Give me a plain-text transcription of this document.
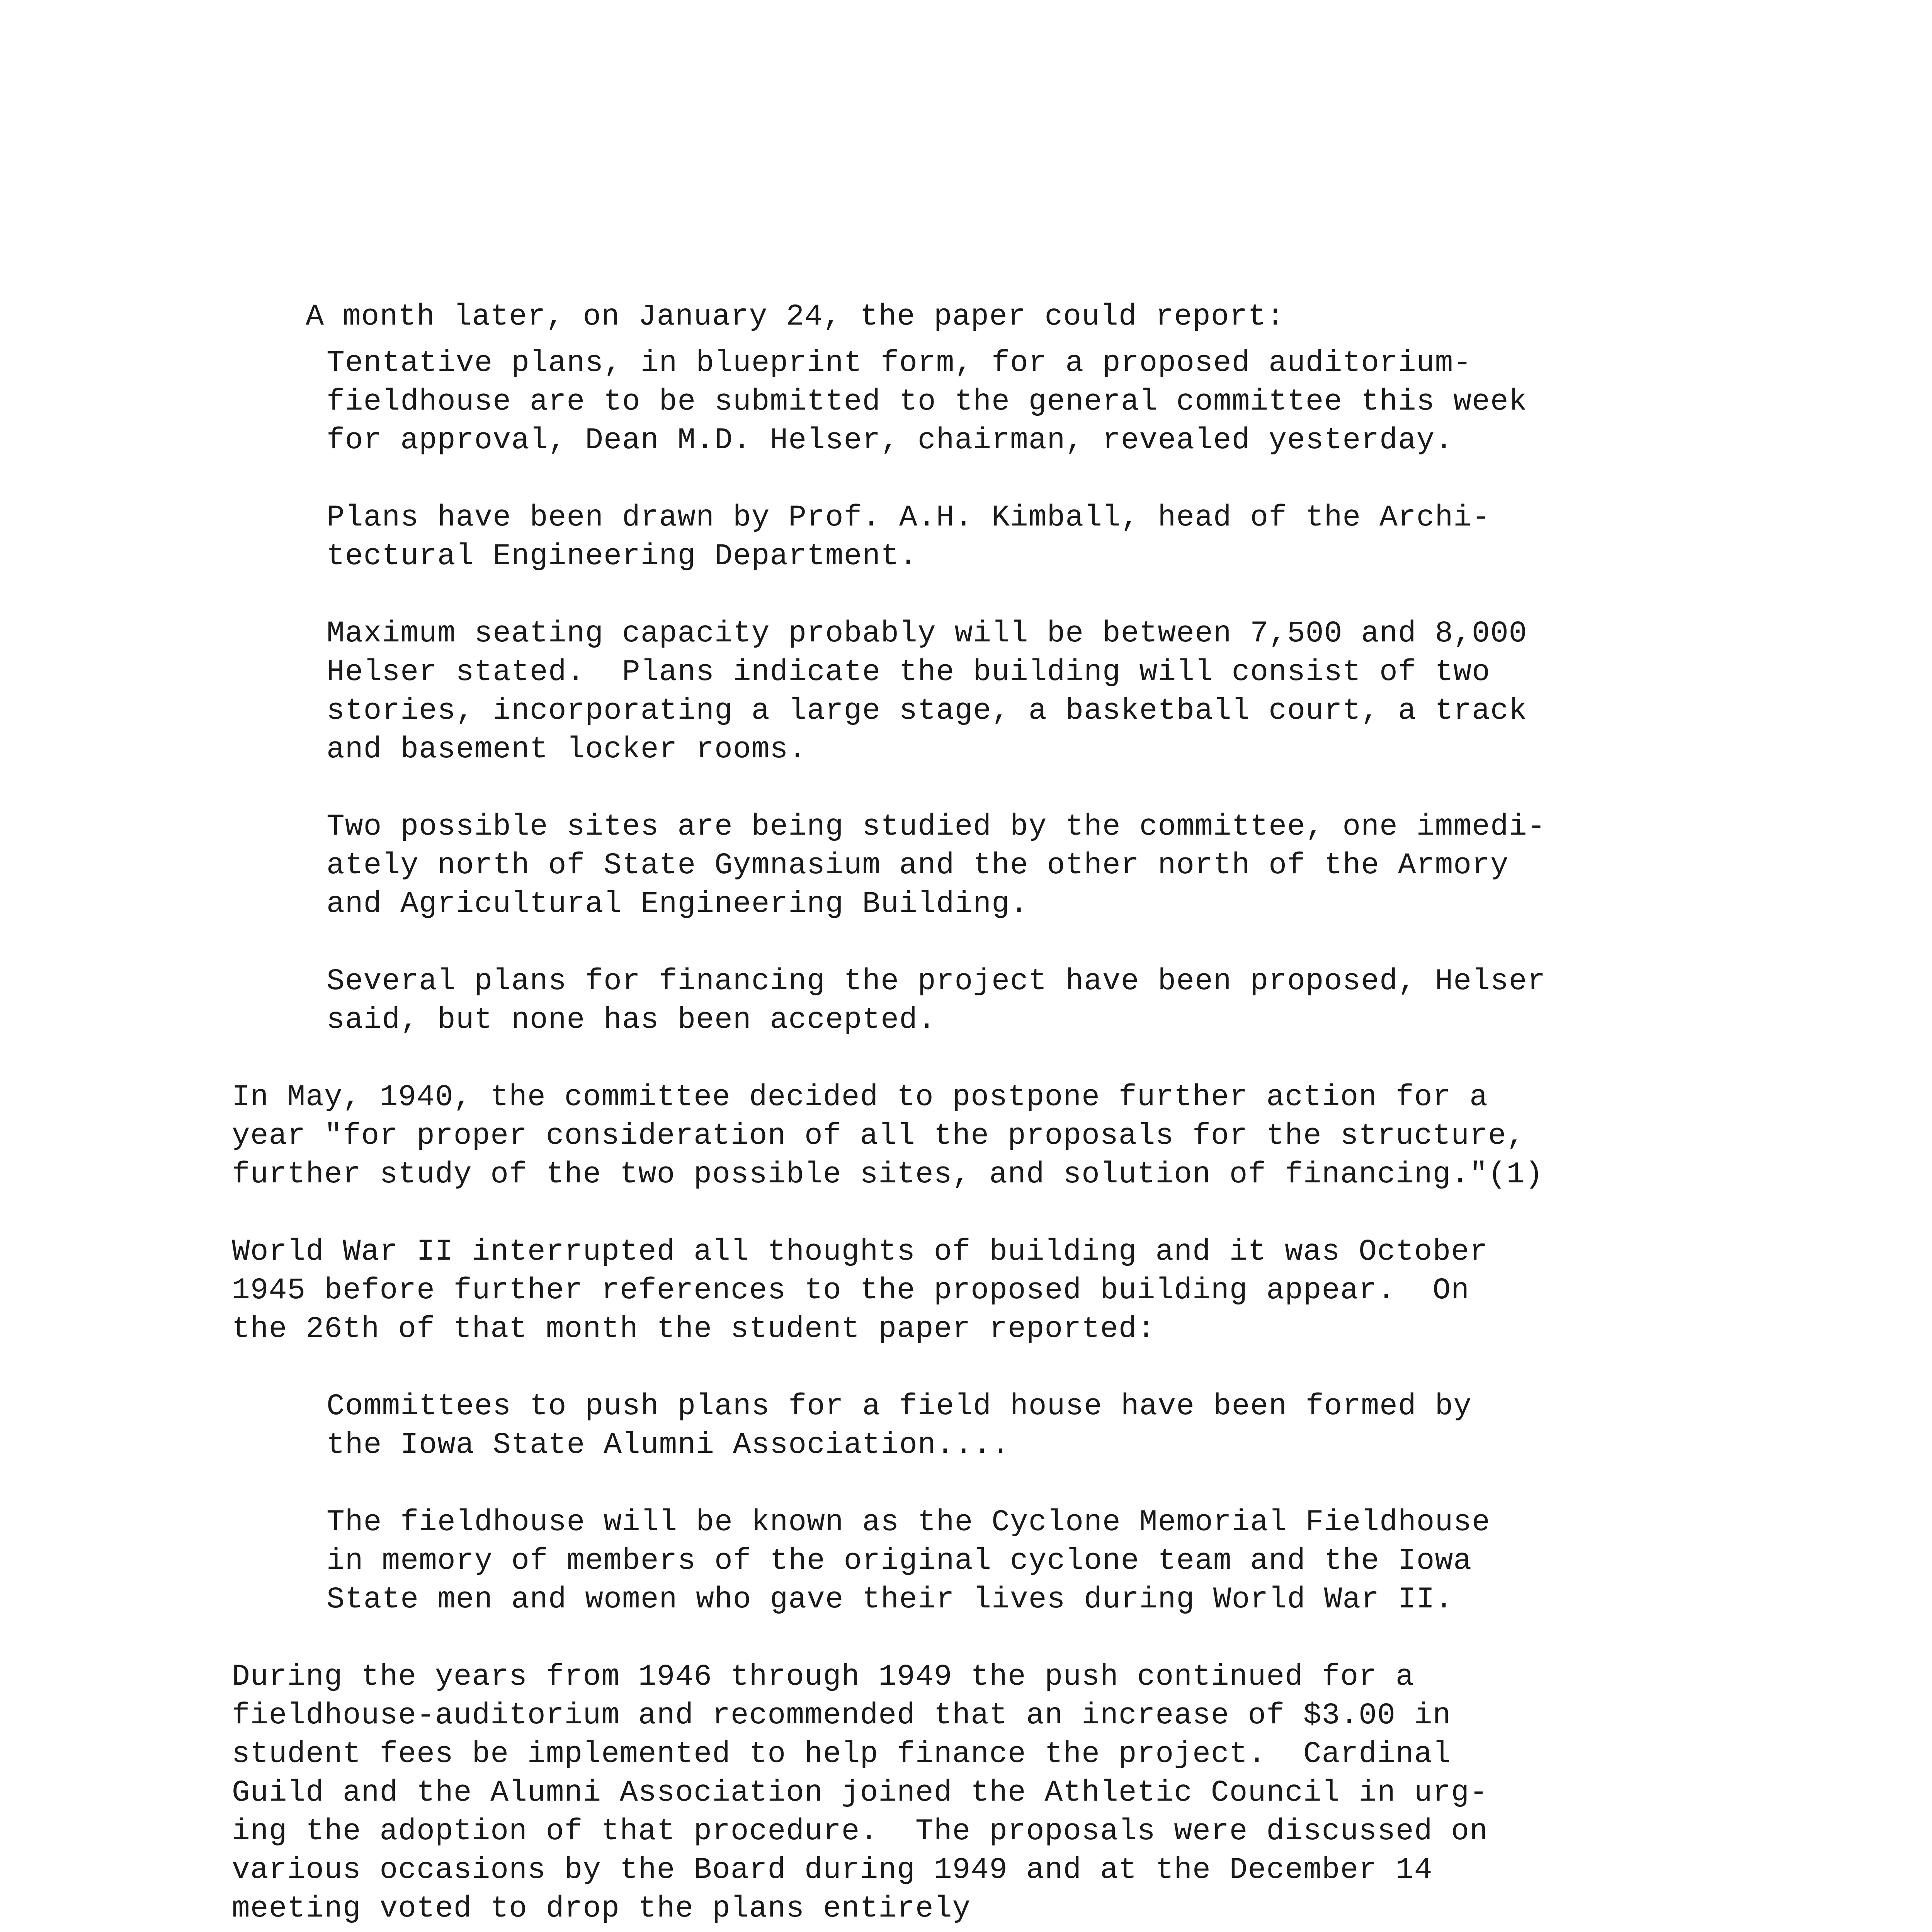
A month later, on January 24, the paper could report:

Tentative plans, in blueprint form, for a proposed auditorium-
fieldhouse are to be submitted to the general committee this week
for approval, Dean M.D. Helser, chairman, revealed yesterday.

Plans have been drawn by Prof. A.H. Kimball, head of the Archi-
tectural Engineering Department.

Maximum seating capacity probably will be between 7,500 and 8,000
Helser stated.  Plans indicate the building will consist of two
stories, incorporating a large stage, a basketball court, a track
and basement locker rooms.

Two possible sites are being studied by the committee, one immedi-
ately north of State Gymnasium and the other north of the Armory
and Agricultural Engineering Building.

Several plans for financing the project have been proposed, Helser
said, but none has been accepted.

In May, 1940, the committee decided to postpone further action for a
year "for proper consideration of all the proposals for the structure,
further study of the two possible sites, and solution of financing."(1)

World War II interrupted all thoughts of building and it was October
1945 before further references to the proposed building appear.  On
the 26th of that month the student paper reported:

Committees to push plans for a field house have been formed by
the Iowa State Alumni Association....

The fieldhouse will be known as the Cyclone Memorial Fieldhouse
in memory of members of the original cyclone team and the Iowa
State men and women who gave their lives during World War II.

During the years from 1946 through 1949 the push continued for a
fieldhouse-auditorium and recommended that an increase of $3.00 in
student fees be implemented to help finance the project.  Cardinal
Guild and the Alumni Association joined the Athletic Council in urg-
ing the adoption of that procedure.  The proposals were discussed on
various occasions by the Board during 1949 and at the December 14
meeting voted to drop the plans entirely
